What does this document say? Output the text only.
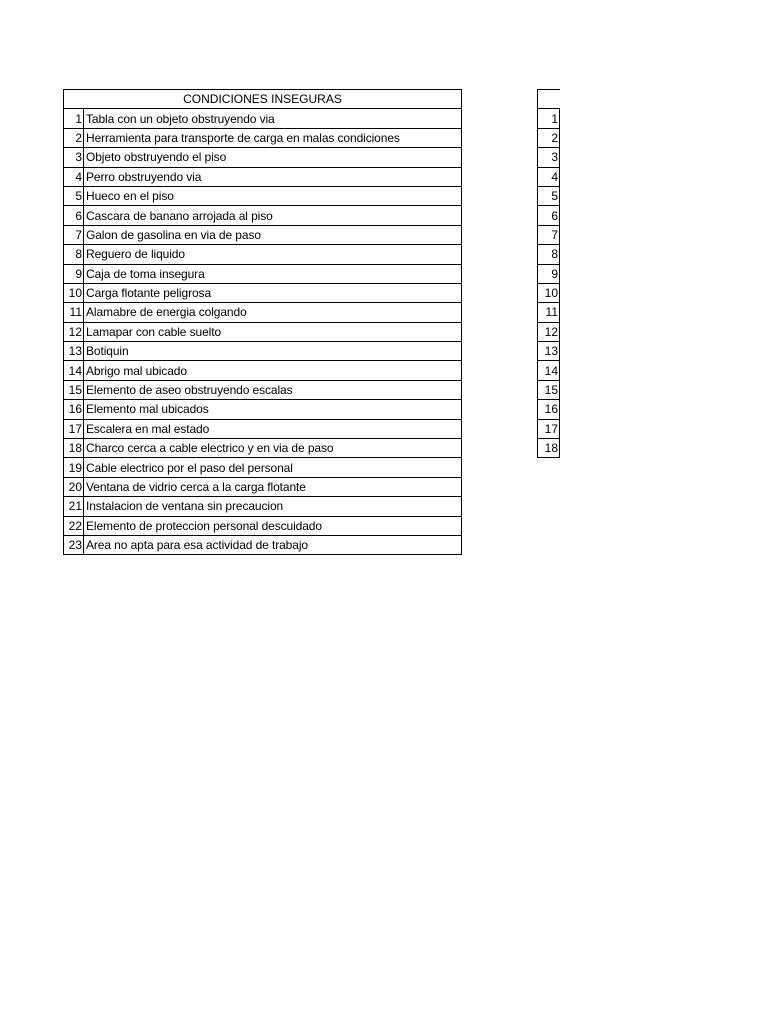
CONDICIONES INSEGURAS	
1	Tabla con un objeto obstruyendo via
2	Herramienta para transporte de carga en malas condiciones
3	Objeto obstruyendo el piso
4	Perro obstruyendo via
5	Hueco en el piso
6	Cascara de banano arrojada al piso
7	Galon de gasolina en via de paso
8	Reguero de liquido
9	Caja de toma insegura
10	Carga flotante peligrosa
11	Alamabre de energia colgando
12	Lamapar con cable suelto
13	Botiquin
14	Abrigo mal ubicado
15	Elemento de aseo obstruyendo escalas
16	Elemento mal ubicados
17	Escalera en mal estado
18	Charco cerca a cable electrico y en via de paso
19	Cable electrico por el paso del personal
20	Ventana de vidrio cerca a la carga flotante
21	Instalacion de ventana sin precaucion
22	Elemento de proteccion personal descuidado
23	Area no apta para esa actividad de trabajo

1
2
3
4
5
6
7
8
9
10
11
12
13
14
15
16
17
18
